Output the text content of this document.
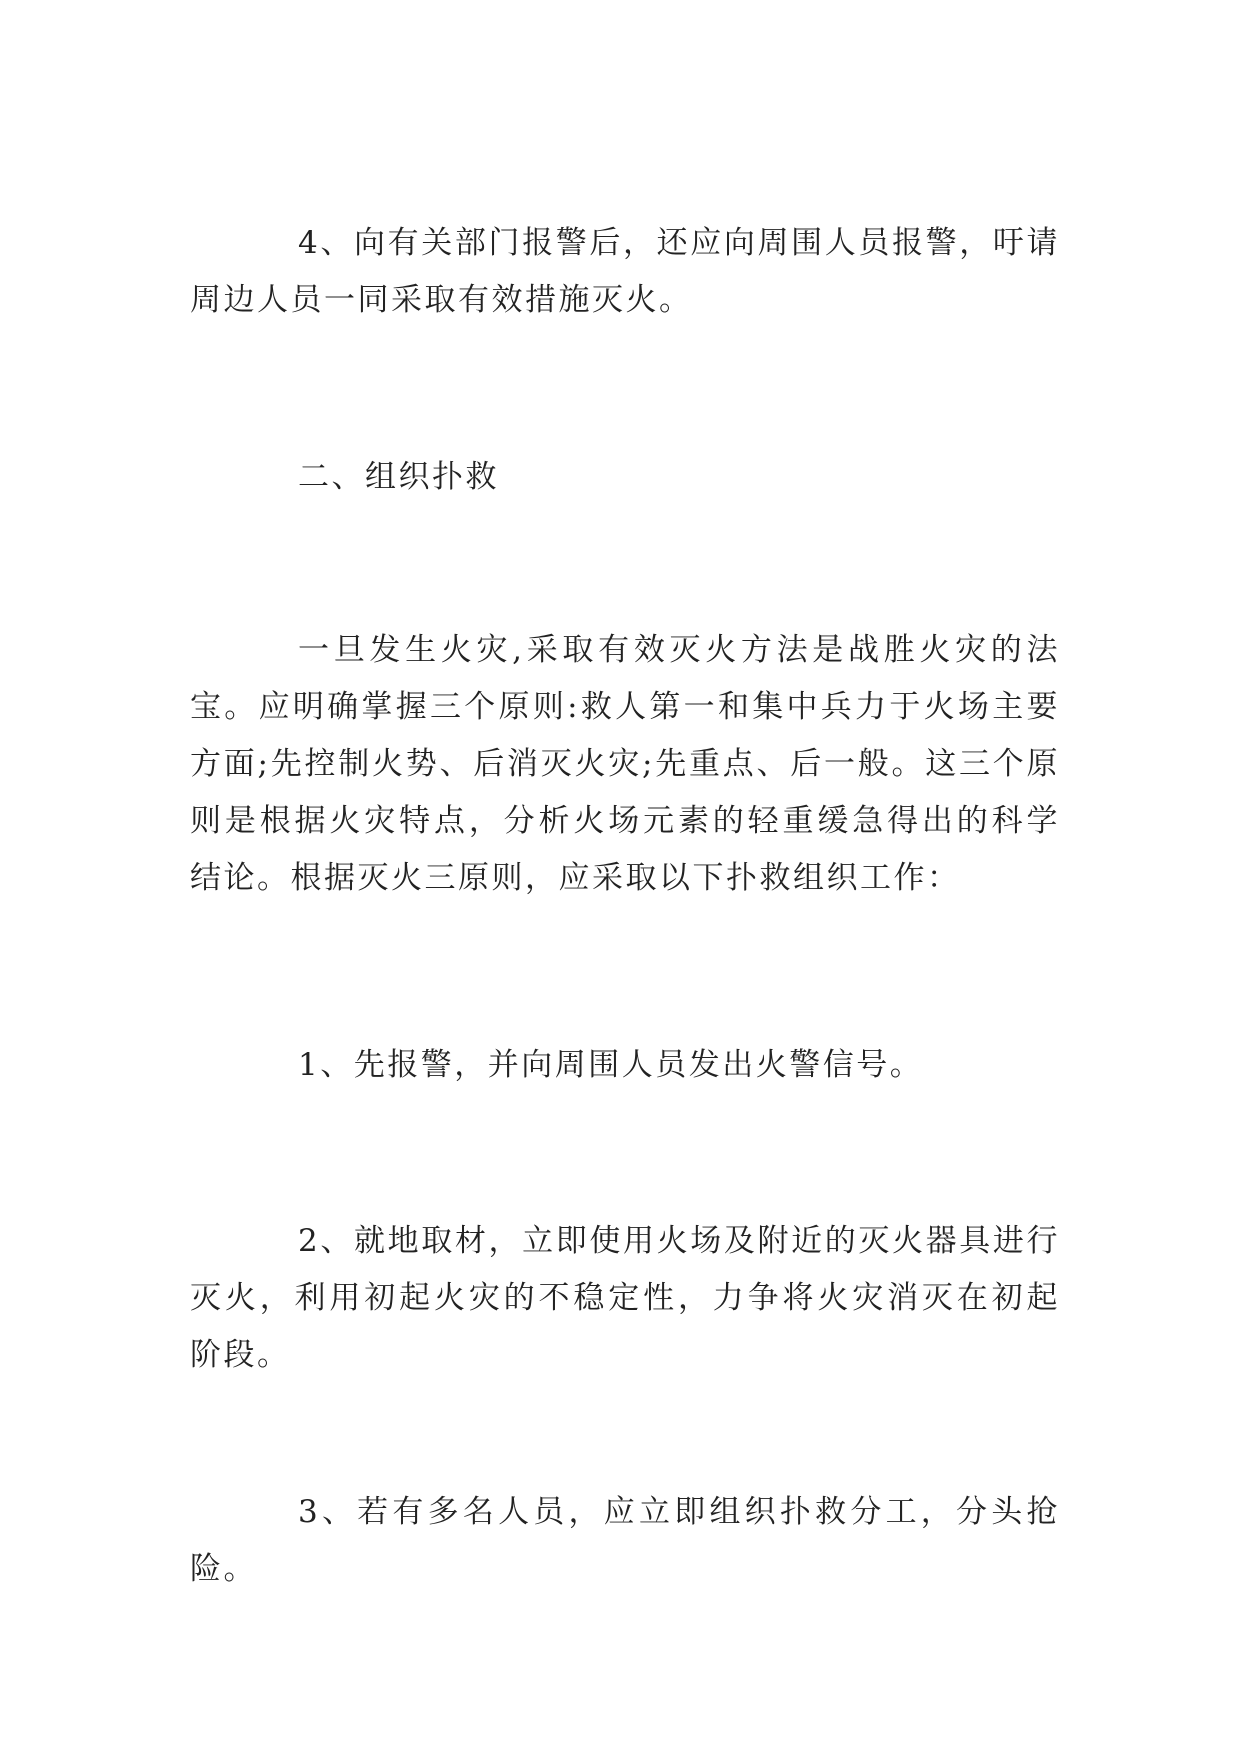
4、向有关部门报警后，还应向周围人员报警，吁请周边人员一同采取有效措施灭火。

二、组织扑救

一旦发生火灾,采取有效灭火方法是战胜火灾的法宝。应明确掌握三个原则:救人第一和集中兵力于火场主要方面;先控制火势、后消灭火灾;先重点、后一般。这三个原则是根据火灾特点，分析火场元素的轻重缓急得出的科学结论。根据灭火三原则，应采取以下扑救组织工作：

1、先报警，并向周围人员发出火警信号。

2、就地取材，立即使用火场及附近的灭火器具进行灭火，利用初起火灾的不稳定性，力争将火灾消灭在初起阶段。

3、若有多名人员，应立即组织扑救分工，分头抢险。
